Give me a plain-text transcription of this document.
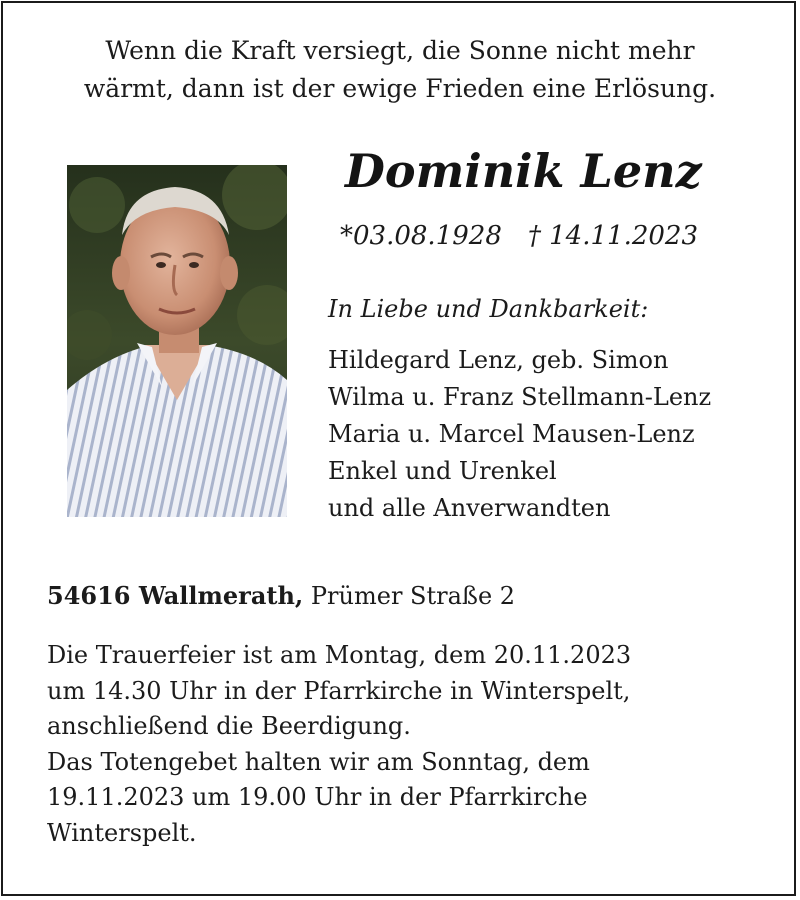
Wenn die Kraft versiegt, die Sonne nicht mehr
wärmt, dann ist der ewige Frieden eine Erlösung.

Dominik Lenz
*03.08.1928 † 14.11.2023
In Liebe und Dankbarkeit:
Hildegard Lenz, geb. Simon
Wilma u. Franz Stellmann-Lenz
Maria u. Marcel Mausen-Lenz
Enkel und Urenkel
und alle Anverwandten
54616 Wallmerath, Prümer Straße 2
Die Trauerfeier ist am Montag, dem 20.11.2023
um 14.30 Uhr in der Pfarrkirche in Winterspelt,
anschließend die Beerdigung.
Das Totengebet halten wir am Sonntag, dem
19.11.2023 um 19.00 Uhr in der Pfarrkirche
Winterspelt.
